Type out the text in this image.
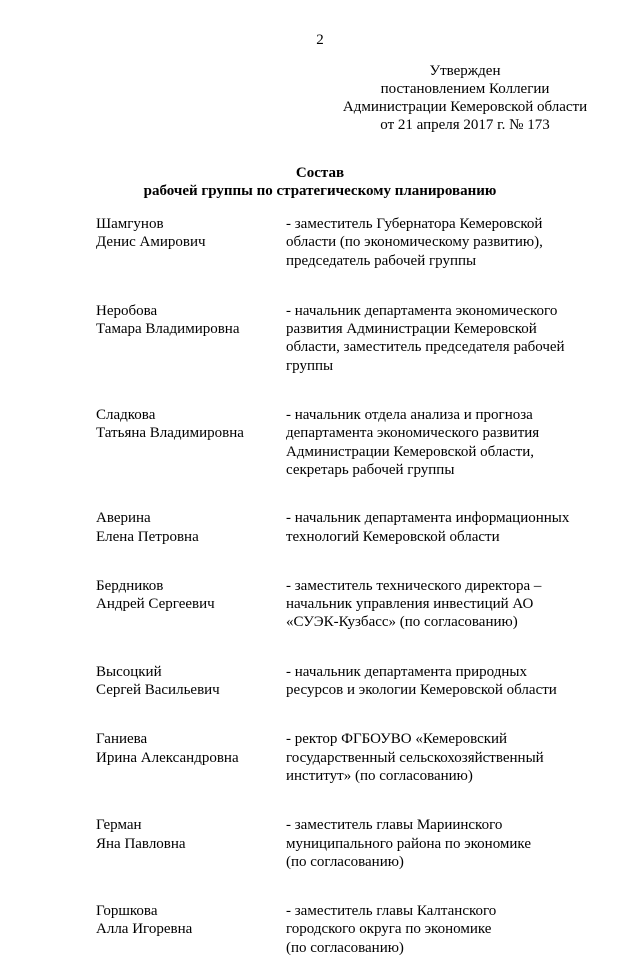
2
Утвержден
постановлением Коллегии
Администрации Кемеровской области
от 21 апреля 2017 г. № 173
Состав
рабочей группы по стратегическому планированию
Шамгунов
Денис Амирович
- заместитель Губернатора Кемеровской
области (по экономическому развитию),
председатель рабочей группы
Неробова
Тамара Владимировна
- начальник департамента экономического
развития Администрации Кемеровской
области, заместитель председателя рабочей
группы
Сладкова
Татьяна Владимировна
- начальник отдела анализа и прогноза
департамента экономического развития
Администрации Кемеровской области,
секретарь рабочей группы
Аверина
Елена Петровна
- начальник департамента информационных
технологий Кемеровской области
Бердников
Андрей Сергеевич
- заместитель технического директора –
начальник управления инвестиций АО
«СУЭК-Кузбасс» (по согласованию)
Высоцкий
Сергей Васильевич
- начальник департамента природных
ресурсов и экологии Кемеровской области
Ганиева
Ирина Александровна
- ректор ФГБОУВО «Кемеровский
государственный сельскохозяйственный
институт» (по согласованию)
Герман
Яна Павловна
- заместитель главы Мариинского
муниципального района по экономике
(по согласованию)
Горшкова
Алла Игоревна
- заместитель главы Калтанского
городского округа по экономике
(по согласованию)
